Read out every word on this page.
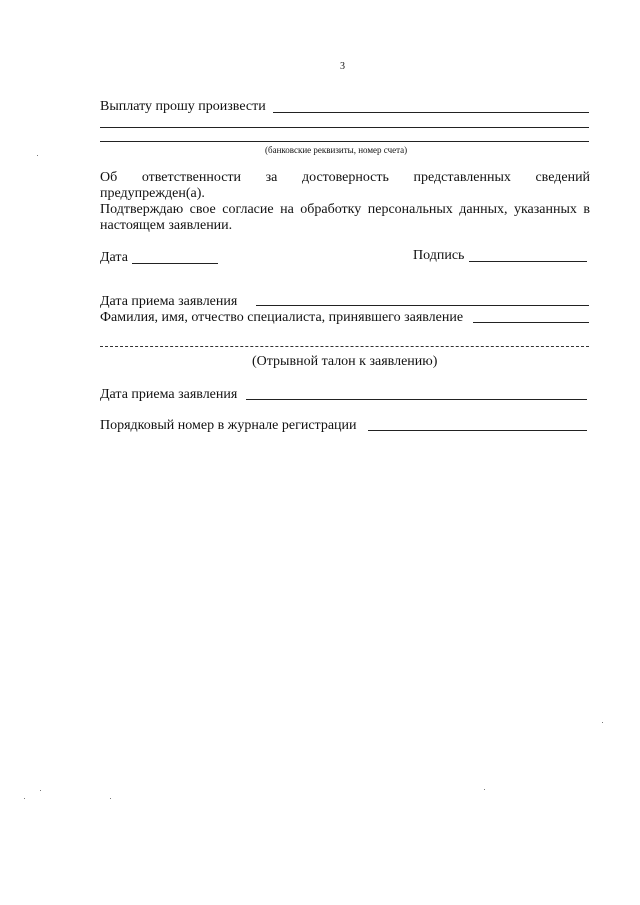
3
Выплату прошу произвести
(банковские реквизиты, номер счета)
Об ответственности за достоверность представленных сведений
предупрежден(а).
Подтверждаю свое согласие на обработку персональных данных, указанных в
настоящем заявлении.
Дата	Подпись
Дата приема заявления
Фамилия, имя, отчество специалиста, принявшего заявление
(Отрывной талон к заявлению)
Дата приема заявления
Порядковый номер в журнале регистрации
